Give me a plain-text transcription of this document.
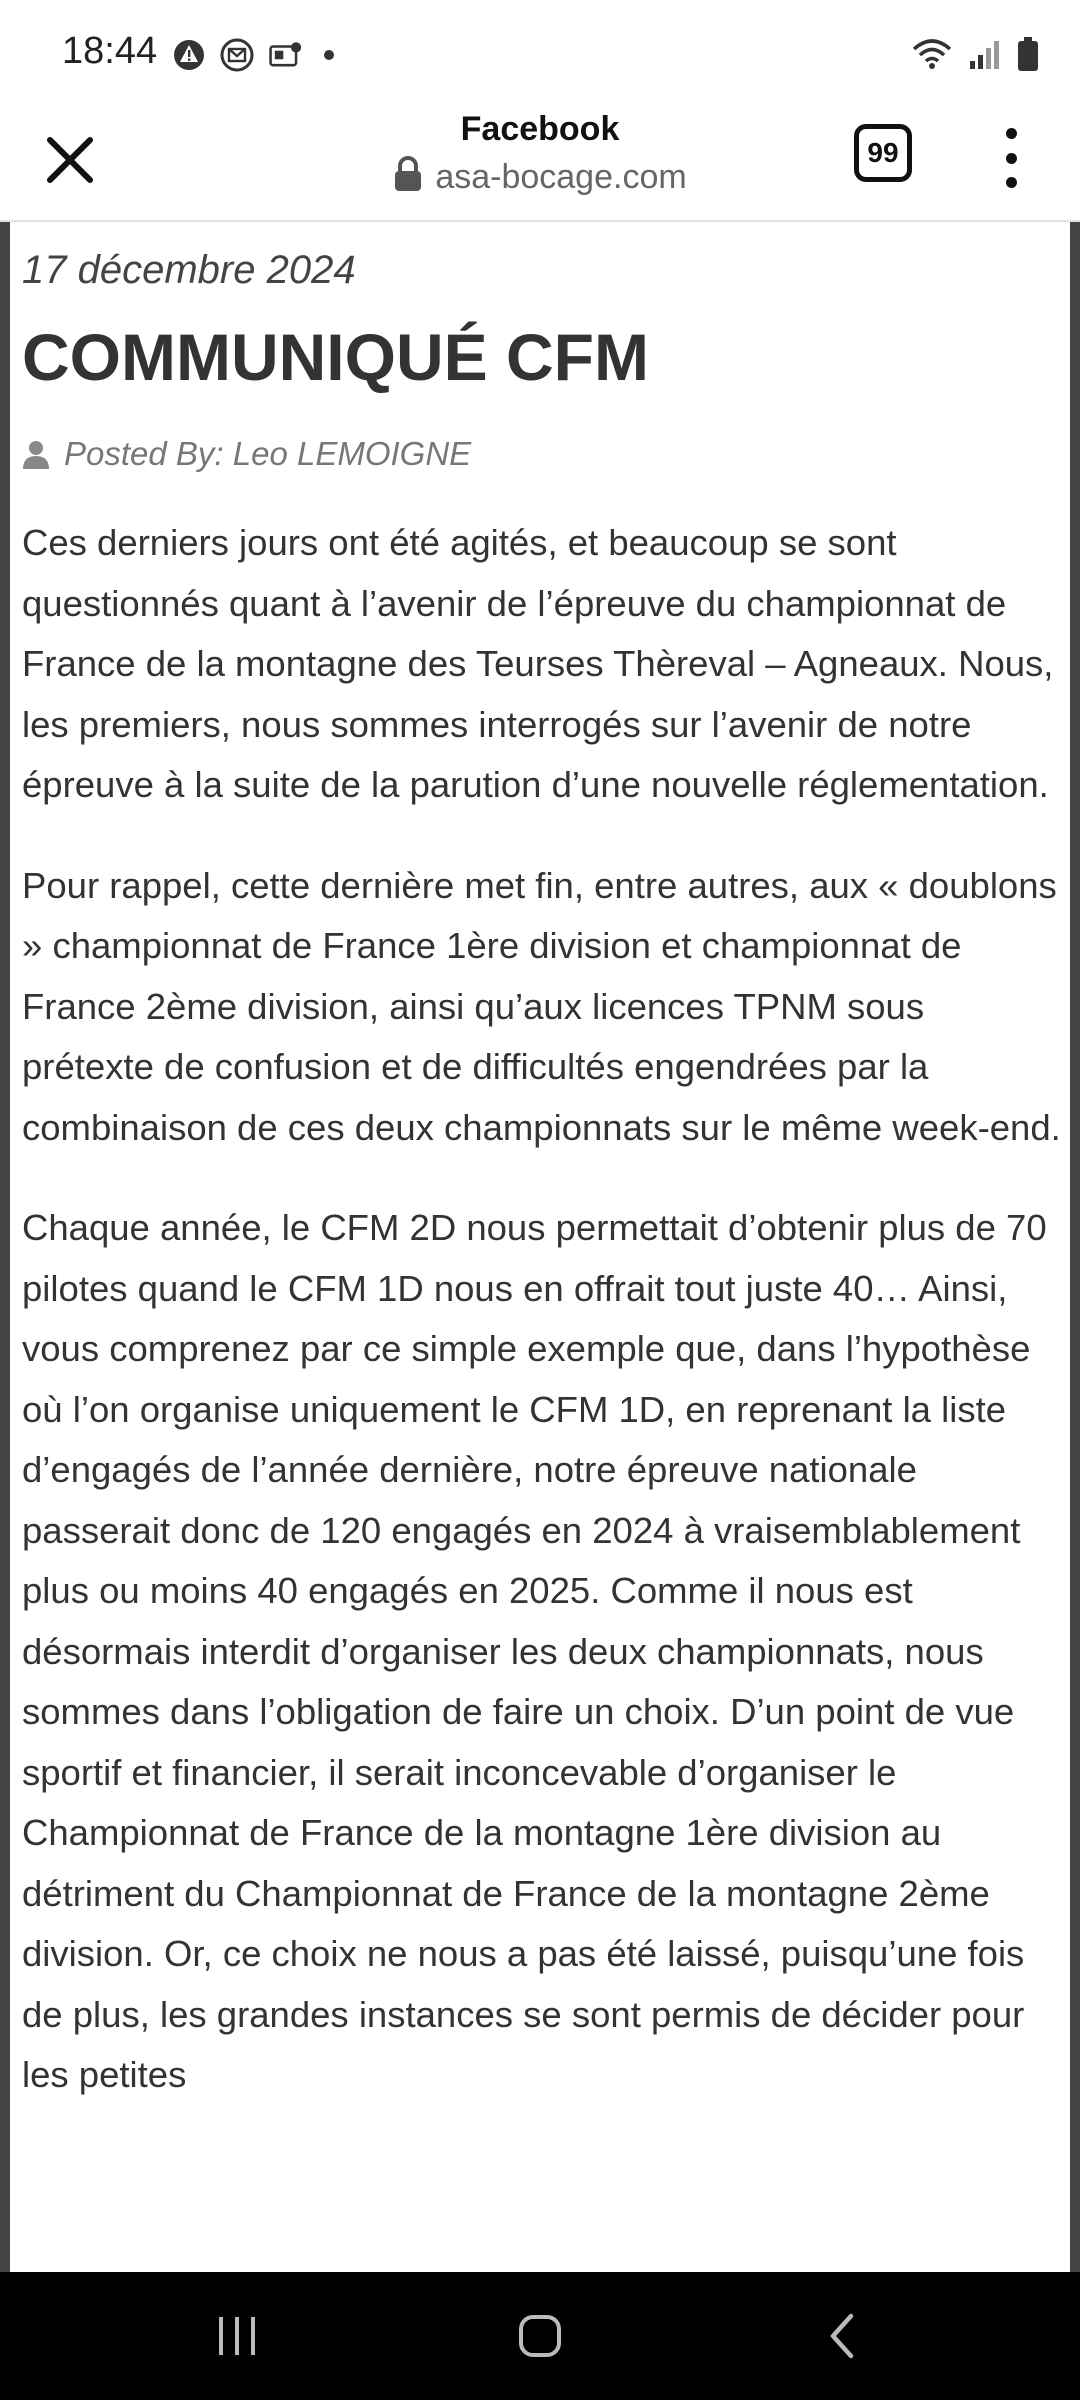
18:44
Facebook
asa-bocage.com
99
17 décembre 2024
COMMUNIQUÉ CFM
Posted By: Leo LEMOIGNE

Ces derniers jours ont été agités, et beaucoup se sont questionnés quant à l’avenir de l’épreuve du championnat de France de la montagne des Teurses Thèreval – Agneaux. Nous, les premiers, nous sommes interrogés sur l’avenir de notre épreuve à la suite de la parution d’une nouvelle réglementation.

Pour rappel, cette dernière met fin, entre autres, aux « doublons » championnat de France 1ère division et championnat de France 2ème division, ainsi qu’aux licences TPNM sous prétexte de confusion et de difficultés engendrées par la combinaison de ces deux championnats sur le même week-end.

Chaque année, le CFM 2D nous permettait d’obtenir plus de 70 pilotes quand le CFM 1D nous en offrait tout juste 40… Ainsi, vous comprenez par ce simple exemple que, dans l’hypothèse où l’on organise uniquement le CFM 1D, en reprenant la liste d’engagés de l’année dernière, notre épreuve nationale passerait donc de 120 engagés en 2024 à vraisemblablement plus ou moins 40 engagés en 2025. Comme il nous est désormais interdit d’organiser les deux championnats, nous sommes dans l’obligation de faire un choix. D’un point de vue sportif et financier, il serait inconcevable d’organiser le Championnat de France de la montagne 1ère division au détriment du Championnat de France de la montagne 2ème division. Or, ce choix ne nous a pas été laissé, puisqu’une fois de plus, les grandes instances se sont permis de décider pour les petites
